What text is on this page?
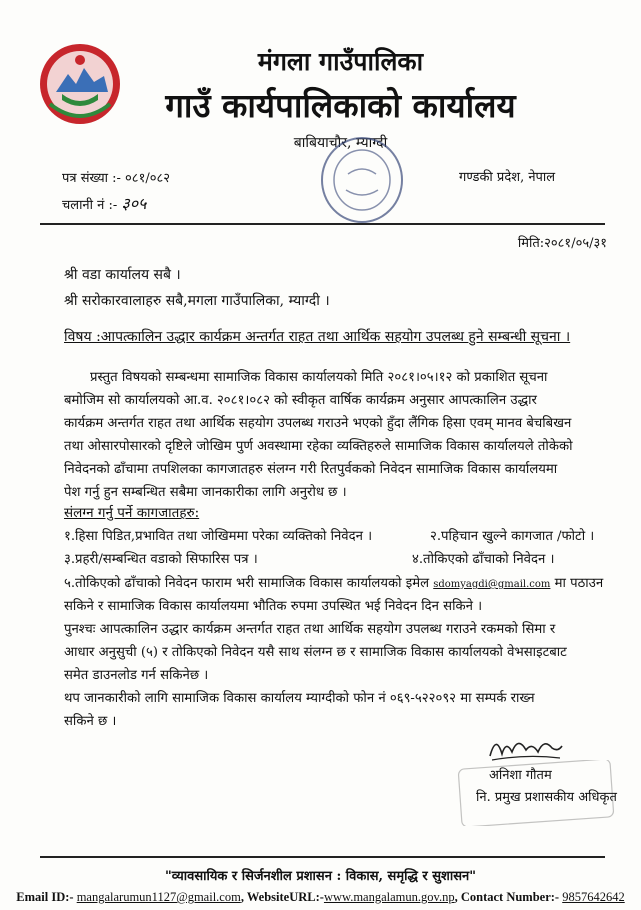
मंगला गाउँपालिका
गाउँ कार्यपालिकाको कार्यालय
बाबियाचौर, म्याग्दी
पत्र संख्या :- ०८१/०८२
चलानी नं :- ३०५
गण्डकी प्रदेश, नेपाल
मिति:२०८१/०५/३१
श्री वडा कार्यालय सबै ।
श्री सरोकारवालाहरु सबै,मगला गाउँपालिका, म्याग्दी ।
विषय :आपत्कालिन उद्धार कार्यक्रम अन्तर्गत राहत तथा आर्थिक सहयोग उपलब्ध हुने सम्बन्धी सूचना ।
प्रस्तुत विषयको सम्बन्धमा सामाजिक विकास कार्यालयको मिति २०८१।०५।१२ को प्रकाशित सूचना
बमोजिम सो कार्यालयको आ.व. २०८१।०८२ को स्वीकृत वार्षिक कार्यक्रम अनुसार आपत्कालिन उद्धार
कार्यक्रम अन्तर्गत राहत तथा आर्थिक सहयोग उपलब्ध गराउने भएको हुँदा लैंगिक हिसा एवम् मानव बेचबिखन
तथा ओसारपोसारको दृष्टिले जोखिम पुर्ण अवस्थामा रहेका व्यक्तिहरुले सामाजिक विकास कार्यालयले तोकेको
निवेदनको ढाँचामा तपशिलका कागजातहरु संलग्न गरी रितपुर्वकको निवेदन सामाजिक विकास कार्यालयमा
पेश गर्नु हुन सम्बन्धित सबैमा जानकारीका लागि अनुरोध छ ।
संलग्न गर्नु पर्ने कागजातहरु:
१.हिसा पिडित,प्रभावित तथा जोखिममा परेका व्यक्तिको निवेदन ।	२.पहिचान खुल्ने कागजात /फोटो ।
३.प्रहरी/सम्बन्धित वडाको सिफारिस पत्र ।	४.तोकिएको ढाँचाको निवेदन ।
५.तोकिएको ढाँचाको निवेदन फाराम भरी सामाजिक विकास कार्यालयको इमेल sdomyagdi@gmail.com मा पठाउन
सकिने र सामाजिक विकास कार्यालयमा भौतिक रुपमा उपस्थित भई निवेदन दिन सकिने ।
पुनश्चः आपत्कालिन उद्धार कार्यक्रम अन्तर्गत राहत तथा आर्थिक सहयोग उपलब्ध गराउने रकमको सिमा र
आधार अनुसुची (५) र तोकिएको निवेदन यसै साथ संलग्न छ र सामाजिक विकास कार्यालयको वेभसाइटबाट
समेत डाउनलोड गर्न सकिनेछ ।
थप जानकारीको लागि सामाजिक विकास कार्यालय म्याग्दीको फोन नं ०६९-५२२०९२ मा सम्पर्क राख्न
सकिने छ ।
अनिशा गौतम
नि. प्रमुख प्रशासकीय अधिकृत
"व्यावसायिक र सिर्जनशील प्रशासन : विकास, समृद्धि र सुशासन"
Email ID:- mangalarumun1127@gmail.com, WebsiteURL:-www.mangalamun.gov.np, Contact Number:- 9857642642
